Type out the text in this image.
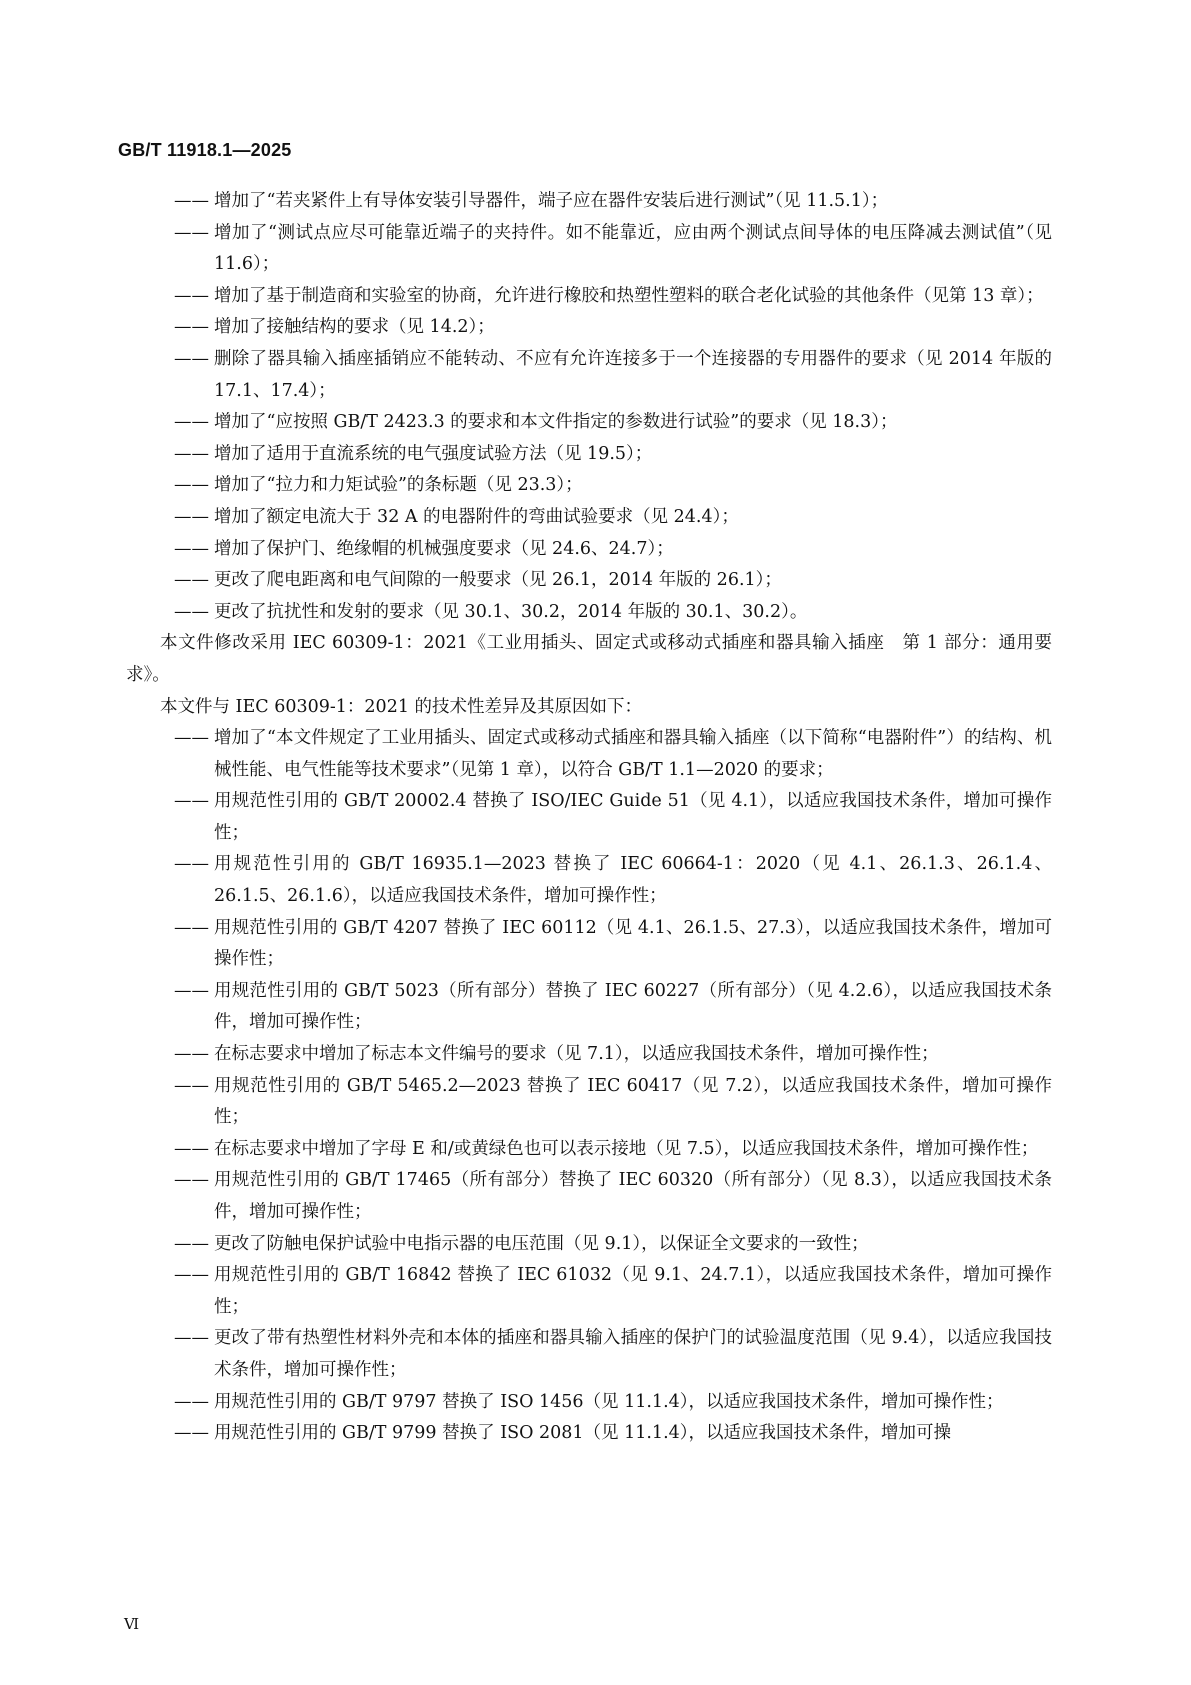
GB/T 11918.1—2025
—— 增加了“若夹紧件上有导体安装引导器件，端子应在器件安装后进行测试”（见 11.5.1）；
—— 增加了“测试点应尽可能靠近端子的夹持件。如不能靠近，应由两个测试点间导体的电压降减去测试值”（见 11.6）；
—— 增加了基于制造商和实验室的协商，允许进行橡胶和热塑性塑料的联合老化试验的其他条件（见第 13 章）；
—— 增加了接触结构的要求（见 14.2）；
—— 删除了器具输入插座插销应不能转动、不应有允许连接多于一个连接器的专用器件的要求（见 2014 年版的 17.1、17.4）；
—— 增加了“应按照 GB/T 2423.3 的要求和本文件指定的参数进行试验”的要求（见 18.3）；
—— 增加了适用于直流系统的电气强度试验方法（见 19.5）；
—— 增加了“拉力和力矩试验”的条标题（见 23.3）；
—— 增加了额定电流大于 32 A 的电器附件的弯曲试验要求（见 24.4）；
—— 增加了保护门、绝缘帽的机械强度要求（见 24.6、24.7）；
—— 更改了爬电距离和电气间隙的一般要求（见 26.1，2014 年版的 26.1）；
—— 更改了抗扰性和发射的要求（见 30.1、30.2，2014 年版的 30.1、30.2）。

本文件修改采用 IEC 60309-1：2021《工业用插头、固定式或移动式插座和器具输入插座　第 1 部分：通用要求》。

本文件与 IEC 60309-1：2021 的技术性差异及其原因如下：

—— 增加了“本文件规定了工业用插头、固定式或移动式插座和器具输入插座（以下简称“电器附件”）的结构、机械性能、电气性能等技术要求”（见第 1 章），以符合 GB/T 1.1—2020 的要求；
—— 用规范性引用的 GB/T 20002.4 替换了 ISO/IEC Guide 51（见 4.1），以适应我国技术条件，增加可操作性；
—— 用规范性引用的 GB/T 16935.1—2023 替换了 IEC 60664-1：2020（见 4.1、26.1.3、26.1.4、26.1.5、26.1.6），以适应我国技术条件，增加可操作性；
—— 用规范性引用的 GB/T 4207 替换了 IEC 60112（见 4.1、26.1.5、27.3），以适应我国技术条件，增加可操作性；
—— 用规范性引用的 GB/T 5023（所有部分）替换了 IEC 60227（所有部分）（见 4.2.6），以适应我国技术条件，增加可操作性；
—— 在标志要求中增加了标志本文件编号的要求（见 7.1），以适应我国技术条件，增加可操作性；
—— 用规范性引用的 GB/T 5465.2—2023 替换了 IEC 60417（见 7.2），以适应我国技术条件，增加可操作性；
—— 在标志要求中增加了字母 E 和/或黄绿色也可以表示接地（见 7.5），以适应我国技术条件，增加可操作性；
—— 用规范性引用的 GB/T 17465（所有部分）替换了 IEC 60320（所有部分）（见 8.3），以适应我国技术条件，增加可操作性；
—— 更改了防触电保护试验中电指示器的电压范围（见 9.1），以保证全文要求的一致性；
—— 用规范性引用的 GB/T 16842 替换了 IEC 61032（见 9.1、24.7.1），以适应我国技术条件，增加可操作性；
—— 更改了带有热塑性材料外壳和本体的插座和器具输入插座的保护门的试验温度范围（见 9.4），以适应我国技术条件，增加可操作性；
—— 用规范性引用的 GB/T 9797 替换了 ISO 1456（见 11.1.4），以适应我国技术条件，增加可操作性；
—— 用规范性引用的 GB/T 9799 替换了 ISO 2081（见 11.1.4），以适应我国技术条件，增加可操
Ⅵ
